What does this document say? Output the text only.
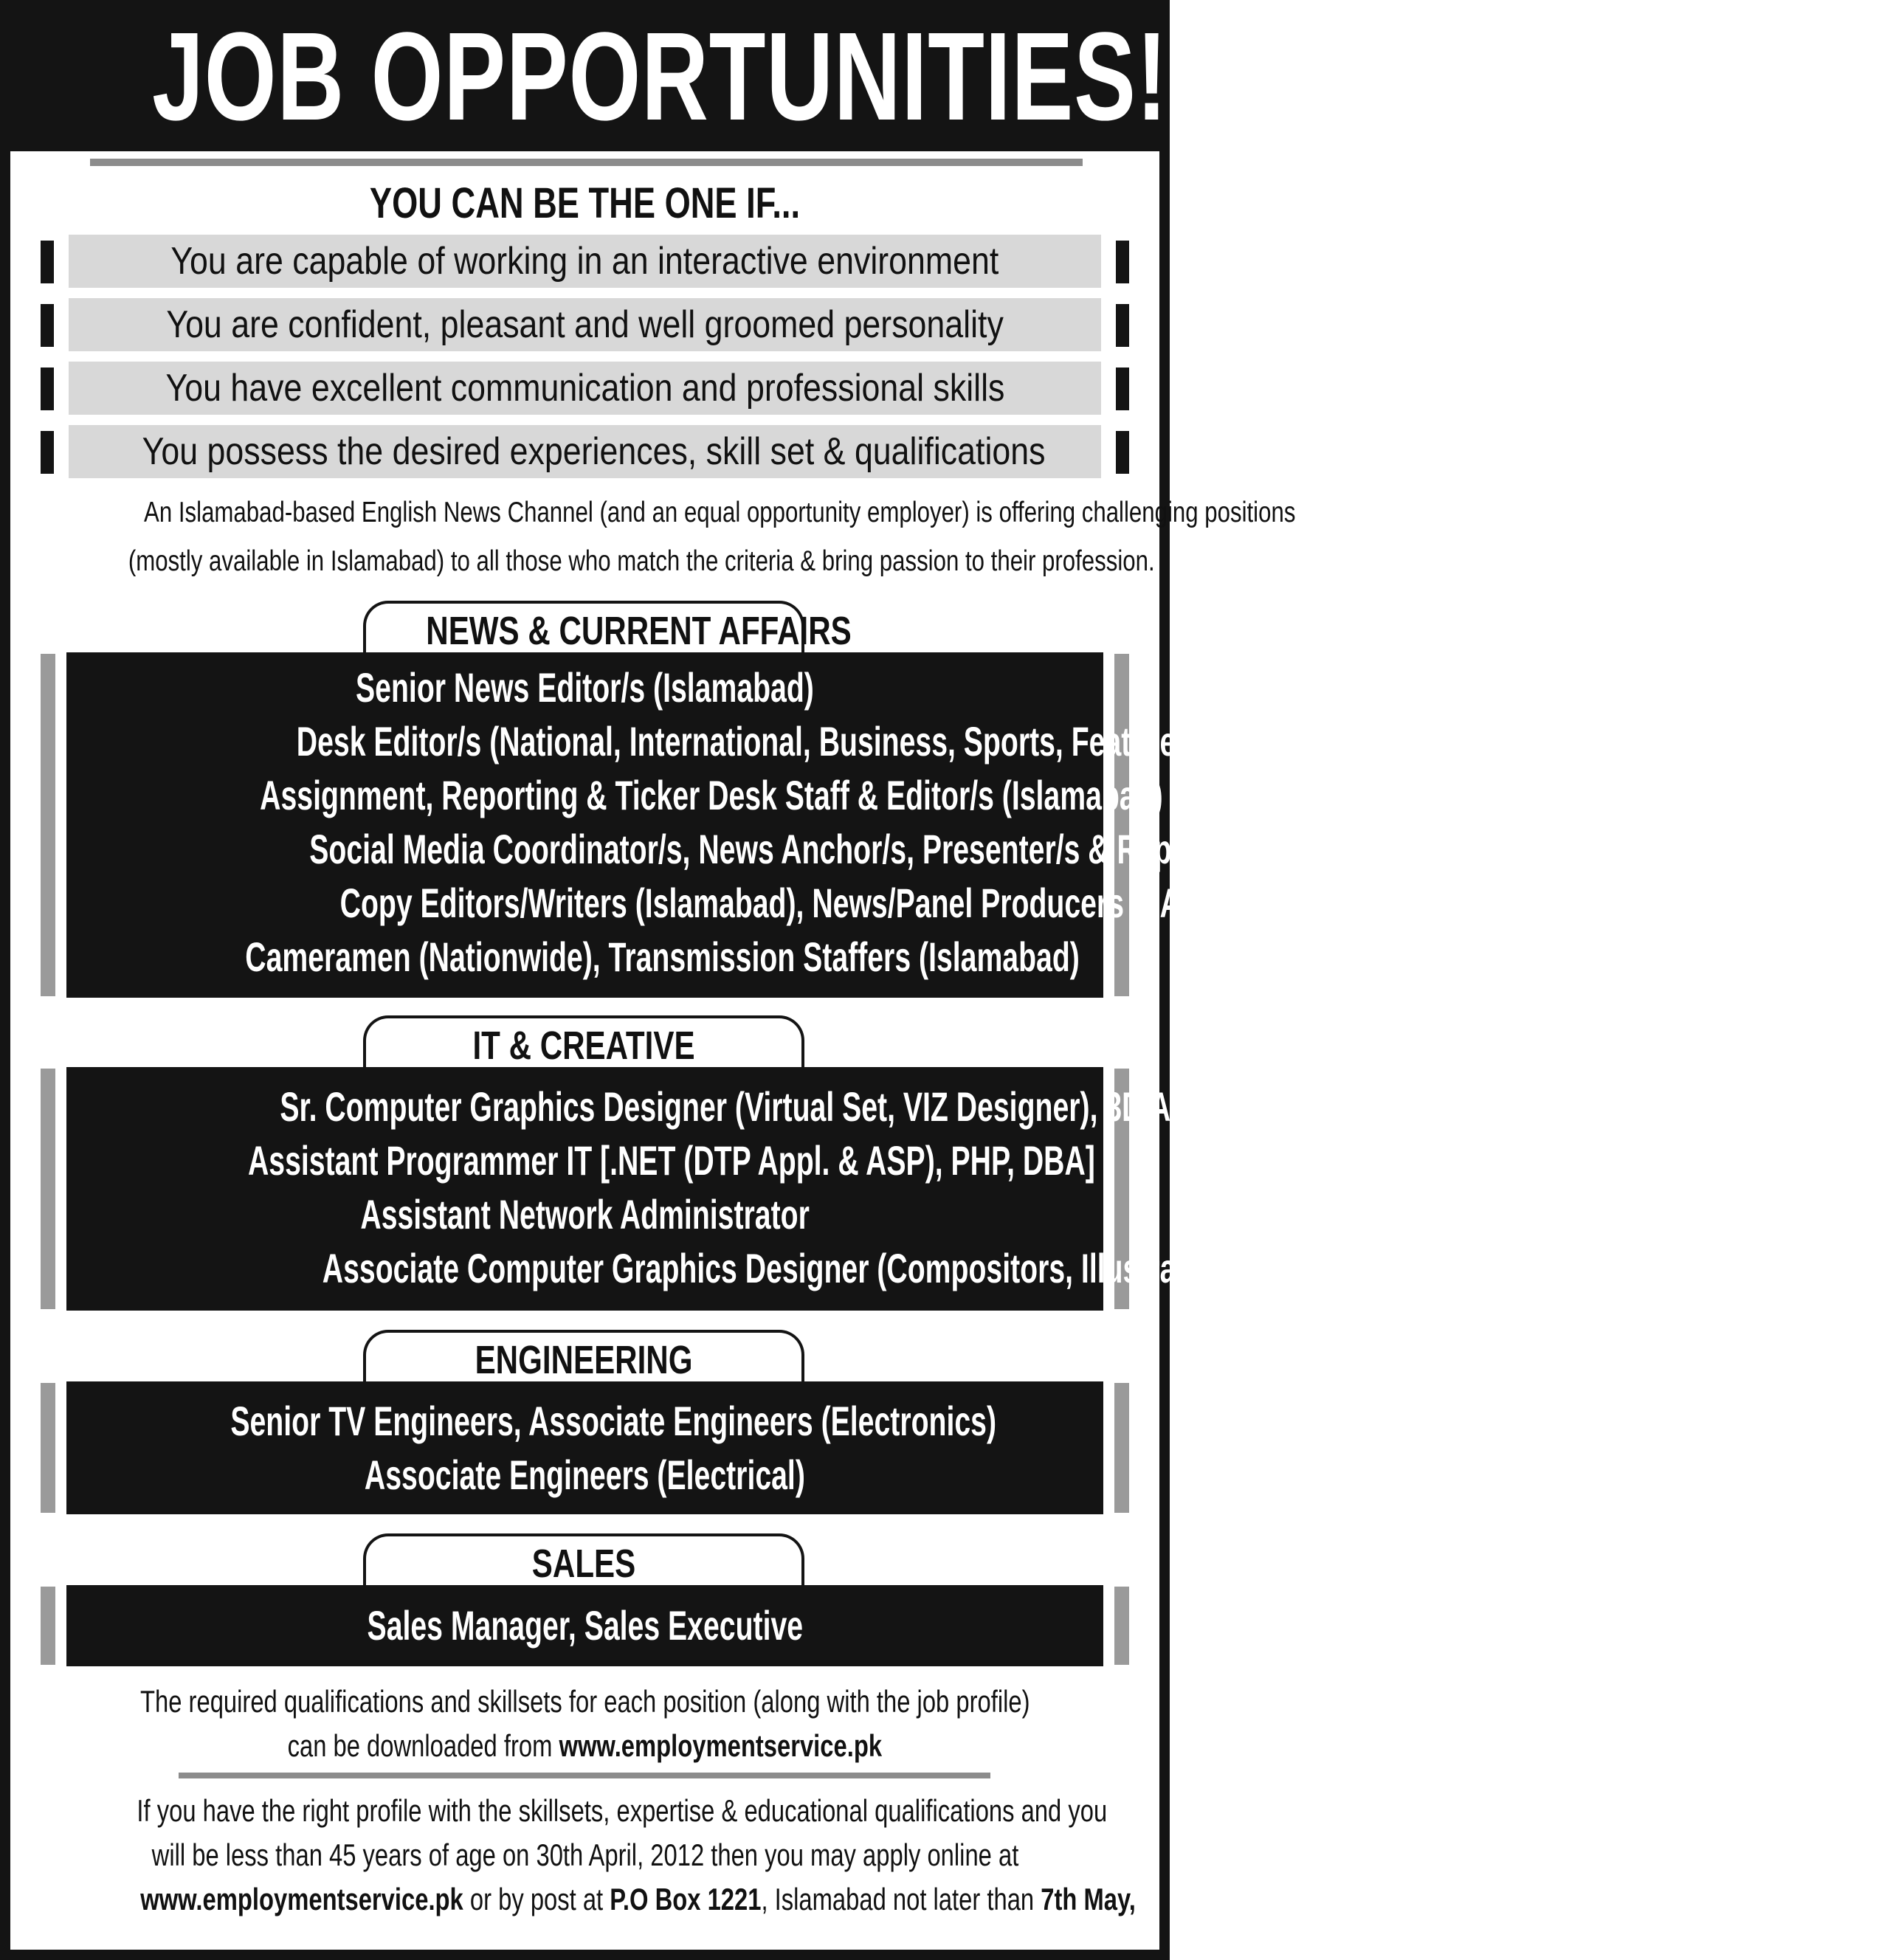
JOB OPPORTUNITIES!
YOU CAN BE THE ONE IF...
You are capable of working in an interactive environment
You are confident, pleasant and well groomed personality
You have excellent communication and professional skills
You possess the desired experiences, skill set & qualifications
An Islamabad-based English News Channel (and an equal opportunity employer) is offering challenging positions
(mostly available in Islamabad) to all those who match the criteria & bring passion to their profession.
NEWS & CURRENT AFFAIRS
Senior News Editor/s (Islamabad)
Desk Editor/s (National, International, Business, Sports, Features) (Islamabad)
Assignment, Reporting & Ticker Desk Staff & Editor/s (Islamabad)
Social Media Coordinator/s, News Anchor/s, Presenter/s & Reporter/s (Nationwide)
Copy Editors/Writers (Islamabad), News/Panel Producers & Associate Producers (Islamabad)
Cameramen (Nationwide), Transmission Staffers (Islamabad)
IT & CREATIVE
Sr. Computer Graphics Designer (Virtual Set, VIZ Designer), 3D Animator
Assistant Programmer IT [.NET (DTP Appl. & ASP), PHP, DBA]
Assistant Network Administrator
Associate Computer Graphics Designer (Compositors, Illustrators, Non-Linear Editors)
ENGINEERING
Senior TV Engineers, Associate Engineers (Electronics)
Associate Engineers (Electrical)
SALES
Sales Manager, Sales Executive
The required qualifications and skillsets for each position (along with the job profile)
can be downloaded from www.employmentservice.pk
If you have the right profile with the skillsets, expertise & educational qualifications and you
will be less than 45 years of age on 30th April, 2012 then you may apply online at
www.employmentservice.pk or by post at P.O Box 1221, Islamabad not later than 7th May,
